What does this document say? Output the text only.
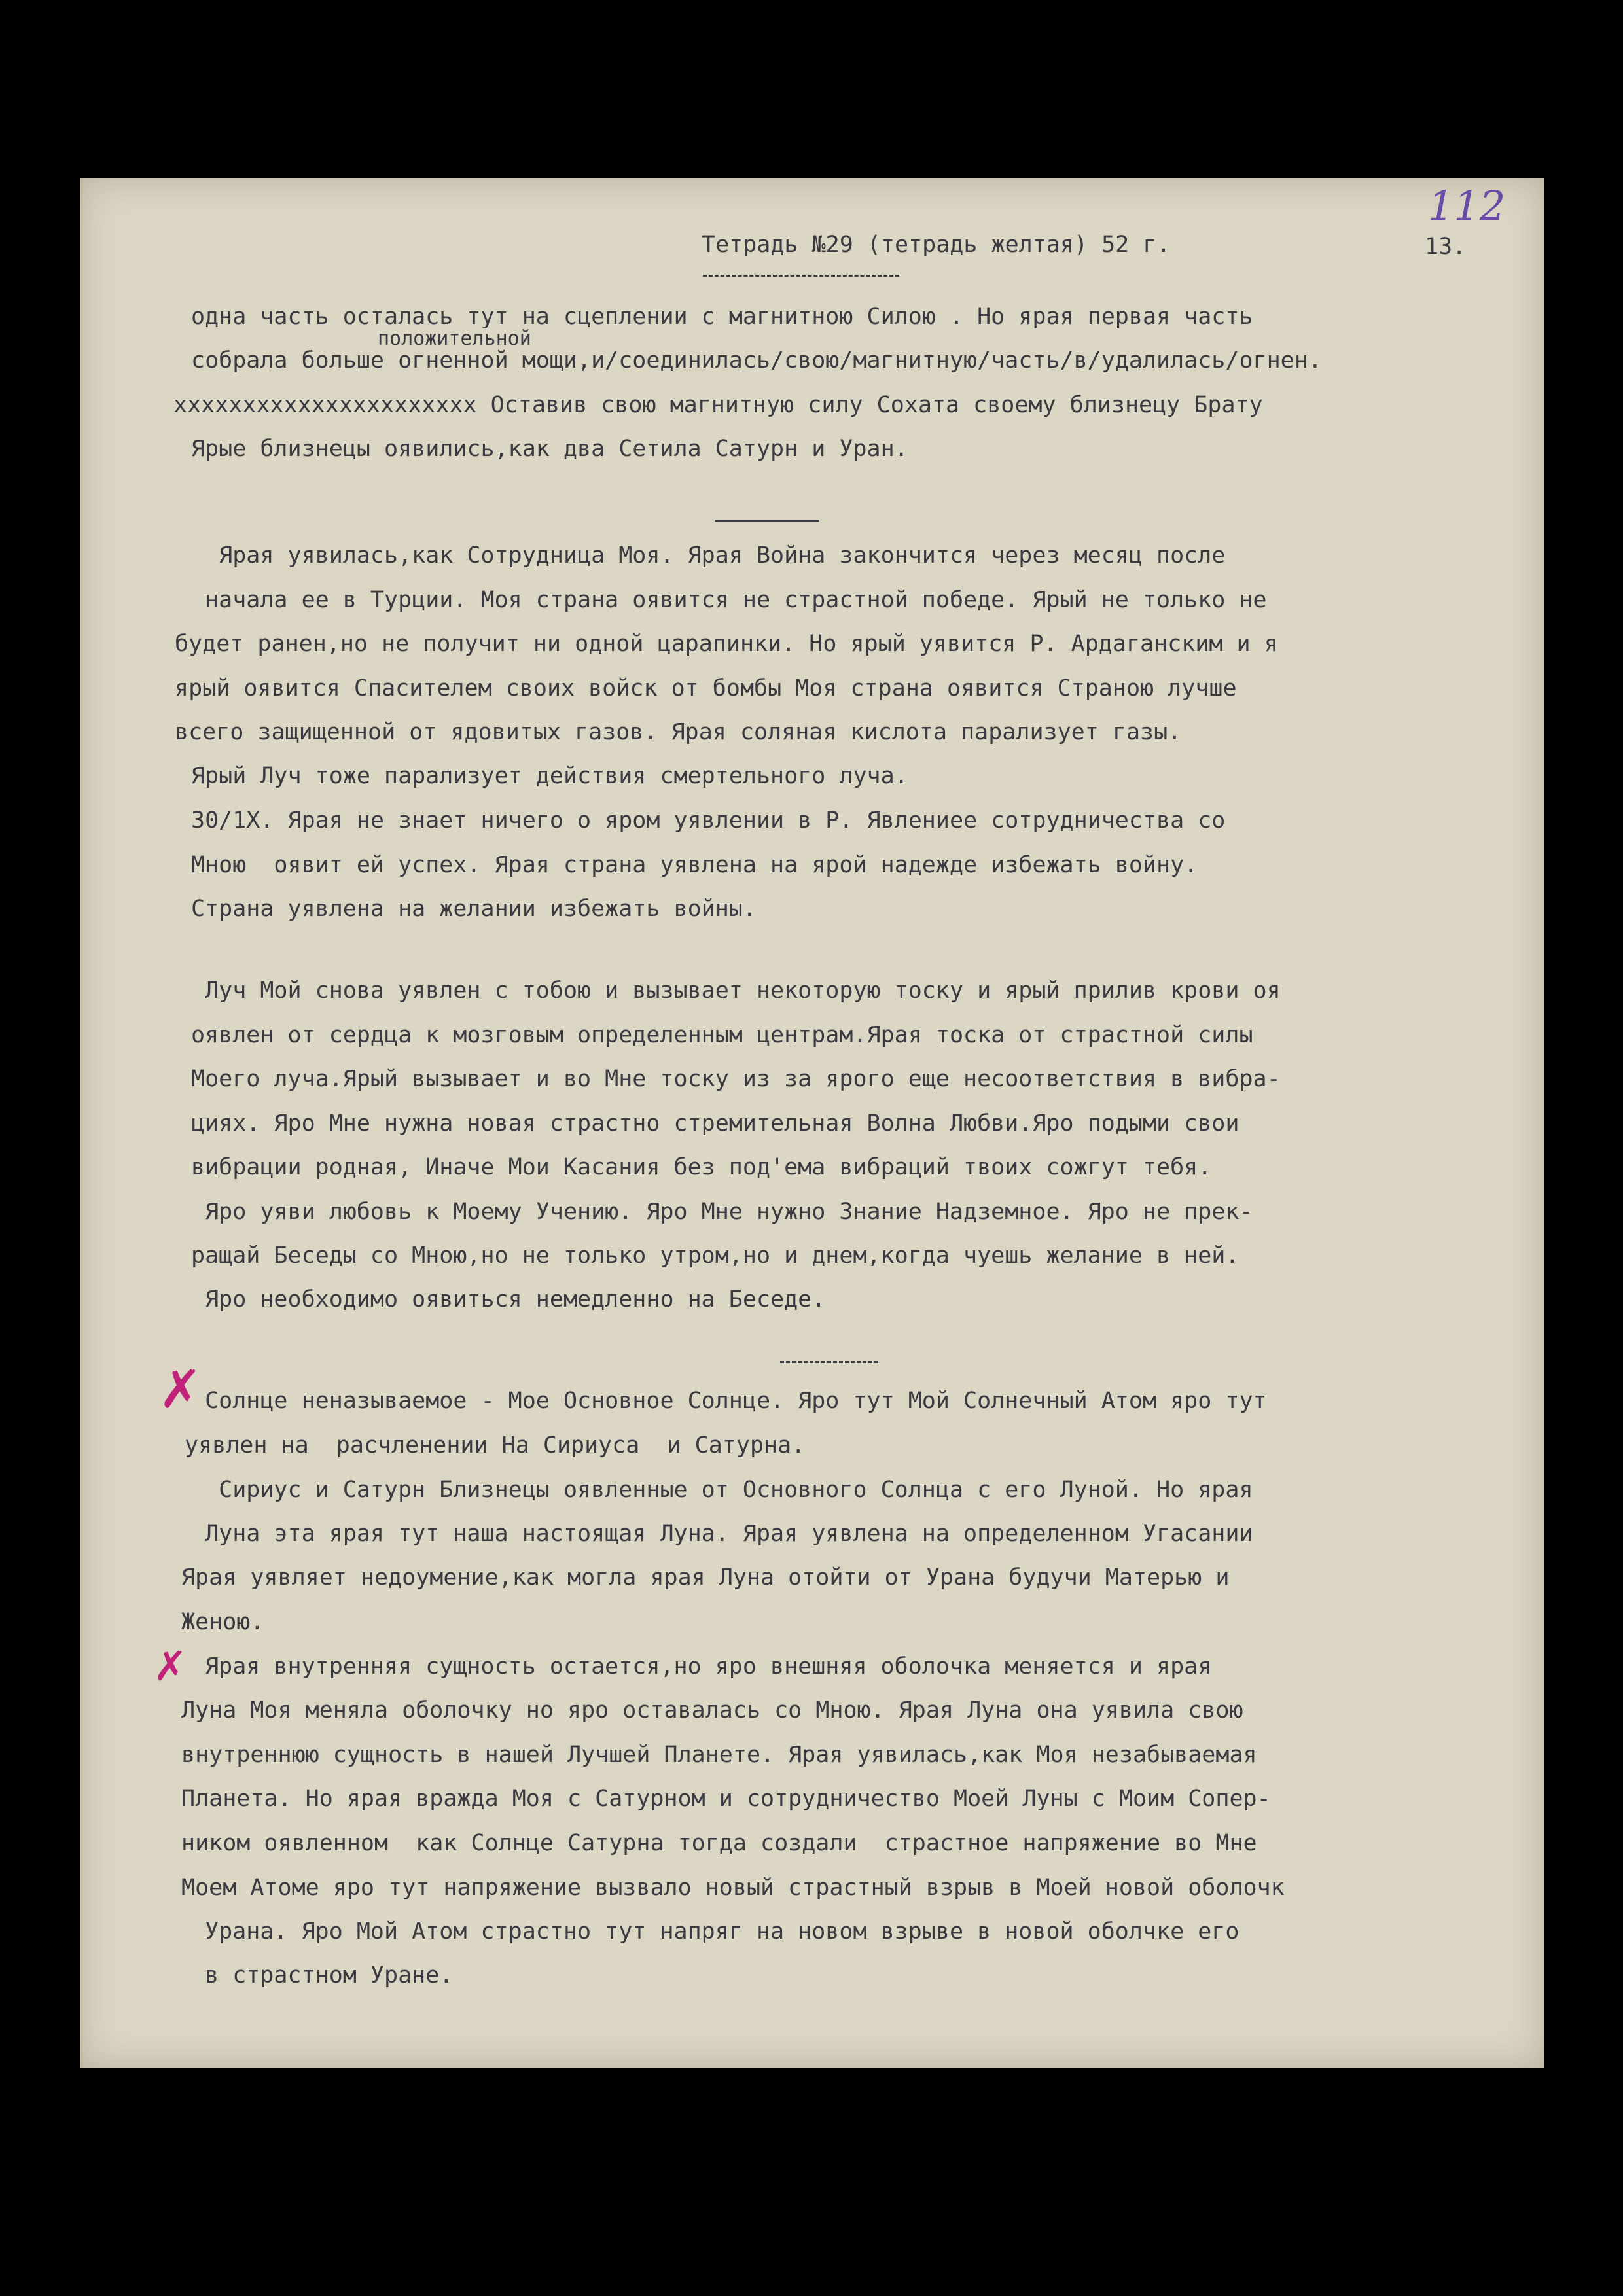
112
Тетрадь №29 (тетрадь желтая) 52 г.	13.
положительной
одна часть осталась тут на сцеплении с магнитною Силою . Но ярая первая часть
собрала больше огненной мощи,и/соединилась/свою/магнитную/часть/в/удалилась/огнен.
xxxxxxxxxxxxxxxxxxxxxx Оставив свою магнитную силу Сохата своему близнецу Брату
Ярые близнецы оявились,как два Сетила Сатурн и Уран.
Ярая уявилась,как Сотрудница Моя. Ярая Война закончится через месяц после
начала ее в Турции. Моя страна оявится не страстной победе. Ярый не только не
будет ранен,но не получит ни одной царапинки. Но ярый уявится Р. Ардаганским и я
ярый оявится Спасителем своих войск от бомбы Моя страна оявится Страною лучше
всего защищенной от ядовитых газов. Ярая соляная кислота парализует газы.
Ярый Луч тоже парализует действия смертельного луча.
30/1Х. Ярая не знает ничего о яром уявлении в Р. Явлениее сотрудничества со
Мною  оявит ей успех. Ярая страна уявлена на ярой надежде избежать войну.
Страна уявлена на желании избежать войны.
Луч Мой снова уявлен с тобою и вызывает некоторую тоску и ярый прилив крови оя
оявлен от сердца к мозговым определенным центрам.Ярая тоска от страстной силы
Моего луча.Ярый вызывает и во Мне тоску из за ярого еще несоответствия в вибра-
циях. Яро Мне нужна новая страстно стремительная Волна Любви.Яро подыми свои
вибрации родная, Иначе Мои Касания без под'ема вибраций твоих сожгут тебя.
Яро уяви любовь к Моему Учению. Яро Мне нужно Знание Надземное. Яро не прек-
ращай Беседы со Мною,но не только утром,но и днем,когда чуешь желание в ней.
Яро необходимо оявиться немедленно на Беседе.
✗
Солнце неназываемое - Мое Основное Солнце. Яро тут Мой Солнечный Атом яро тут
уявлен на  расчленении На Сириуса  и Сатурна.
Сириус и Сатурн Близнецы оявленные от Основного Солнца с его Луной. Но ярая
Луна эта ярая тут наша настоящая Луна. Ярая уявлена на определенном Угасании
Ярая уявляет недоумение,как могла ярая Луна отойти от Урана будучи Матерью и
Женою.
✗ Ярая внутренняя сущность остается,но яро внешняя оболочка меняется и ярая
Луна Моя меняла оболочку но яро оставалась со Мною. Ярая Луна она уявила свою
внутреннюю сущность в нашей Лучшей Планете. Ярая уявилась,как Моя незабываемая
Планета. Но ярая вражда Моя с Сатурном и сотрудничество Моей Луны с Моим Сопер-
ником оявленном  как Солнце Сатурна тогда создали  страстное напряжение во Мне
Моем Атоме яро тут напряжение вызвало новый страстный взрыв в Моей новой оболочк
Урана. Яро Мой Атом страстно тут напряг на новом взрыве в новой оболчке его
в страстном Уране.
